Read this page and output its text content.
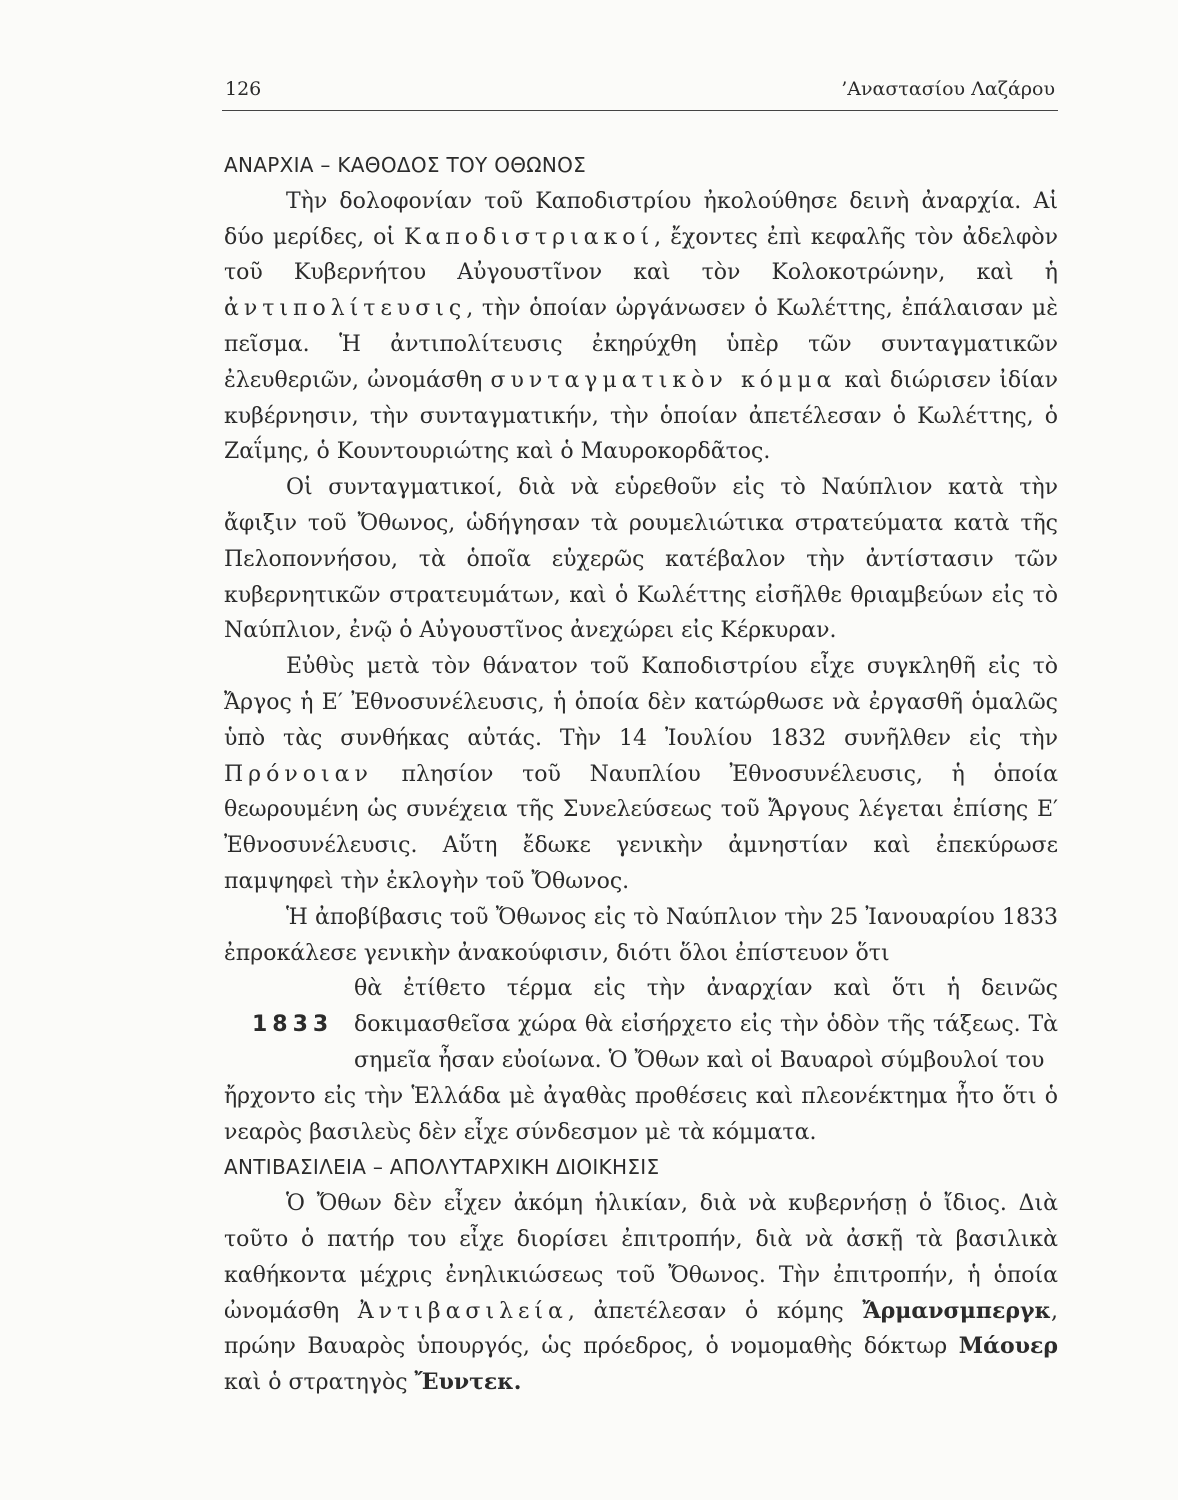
126	’Αναστασίου Λαζάρου

ΑΝΑΡΧΙΑ – ΚΑΘΟΔΟΣ ΤΟΥ ΟΘΩΝΟΣ

Τὴν δολοφονίαν τοῦ Καποδιστρίου ἠκολούθησε δεινὴ ἀναρχία. Αἱ δύο μερίδες, οἱ Καποδιστριακοί, ἔχοντες ἐπὶ κεφαλῆς τὸν ἀδελφὸν τοῦ Κυβερνήτου Αὐγουστῖνον καὶ τὸν Κολοκοτρώνην, καὶ ἡ ἀντιπολίτευσις, τὴν ὁποίαν ὠργάνωσεν ὁ Κωλέττης, ἐπάλαισαν μὲ πεῖσμα. Ἡ ἀντιπολίτευσις ἐκηρύχθη ὑπὲρ τῶν συνταγματικῶν ἐλευθεριῶν, ὠνομάσθη συνταγματικὸν κόμμα καὶ διώρισεν ἰδίαν κυβέρνησιν, τὴν συνταγματικήν, τὴν ὁποίαν ἀπετέλεσαν ὁ Κωλέττης, ὁ Ζαΐμης, ὁ Κουντουριώτης καὶ ὁ Μαυροκορδᾶτος.

Οἱ συνταγματικοί, διὰ νὰ εὑρεθοῦν εἰς τὸ Ναύπλιον κατὰ τὴν ἄφιξιν τοῦ Ὄθωνος, ὡδήγησαν τὰ ρουμελιώτικα στρατεύματα κατὰ τῆς Πελοποννήσου, τὰ ὁποῖα εὐχερῶς κατέβαλον τὴν ἀντίστασιν τῶν κυβερνητικῶν στρατευμάτων, καὶ ὁ Κωλέττης εἰσῆλθε θριαμβεύων εἰς τὸ Ναύπλιον, ἐνῷ ὁ Αὐγουστῖνος ἀνεχώρει εἰς Κέρκυραν.

Εὐθὺς μετὰ τὸν θάνατον τοῦ Καποδιστρίου εἶχε συγκληθῆ εἰς τὸ Ἄργος ἡ Ε′ Ἐθνοσυνέλευσις, ἡ ὁποία δὲν κατώρθωσε νὰ ἐργασθῆ ὁμαλῶς ὑπὸ τὰς συνθήκας αὐτάς. Τὴν 14 Ἰουλίου 1832 συνῆλθεν εἰς τὴν Πρόνοιαν πλησίον τοῦ Ναυπλίου Ἐθνοσυνέλευσις, ἡ ὁποία θεωρουμένη ὡς συνέχεια τῆς Συνελεύσεως τοῦ Ἄργους λέγεται ἐπίσης Ε′ Ἐθνοσυνέλευσις. Αὕτη ἔδωκε γενικὴν ἀμνηστίαν καὶ ἐπεκύρωσε παμψηφεὶ τὴν ἐκλογὴν τοῦ Ὄθωνος.

Ἡ ἀποβίβασις τοῦ Ὄθωνος εἰς τὸ Ναύπλιον τὴν 25 Ἰανουαρίου 1833 ἐπροκάλεσε γενικὴν ἀνακούφισιν, διότι ὅλοι ἐπίστευον ὅτι

1833

θὰ ἐτίθετο τέρμα εἰς τὴν ἀναρχίαν καὶ ὅτι ἡ δεινῶς δοκιμασθεῖσα χώρα θὰ εἰσήρχετο εἰς τὴν ὁδὸν τῆς τάξεως. Τὰ σημεῖα ἦσαν εὐοίωνα. Ὁ Ὄθων καὶ οἱ Βαυαροὶ σύμβουλοί του

ἤρχοντο εἰς τὴν Ἑλλάδα μὲ ἀγαθὰς προθέσεις καὶ πλεονέκτημα ἦτο ὅτι ὁ νεαρὸς βασιλεὺς δὲν εἶχε σύνδεσμον μὲ τὰ κόμματα.

ΑΝΤΙΒΑΣΙΛΕΙΑ – ΑΠΟΛΥΤΑΡΧΙΚΗ ΔΙΟΙΚΗΣΙΣ

Ὁ Ὄθων δὲν εἶχεν ἀκόμη ἡλικίαν, διὰ νὰ κυβερνήσῃ ὁ ἴδιος. Διὰ τοῦτο ὁ πατήρ του εἶχε διορίσει ἐπιτροπήν, διὰ νὰ ἀσκῇ τὰ βασιλικὰ καθήκοντα μέχρις ἐνηλικιώσεως τοῦ Ὄθωνος. Τὴν ἐπιτροπήν, ἡ ὁποία ὠνομάσθη Ἀντιβασιλεία, ἀπετέλεσαν ὁ κόμης Ἄρμανσμπεργκ, πρώην Βαυαρὸς ὑπουργός, ὡς πρόεδρος, ὁ νομομαθὴς δόκτωρ Μάουερ καὶ ὁ στρατηγὸς Ἔυντεκ.
